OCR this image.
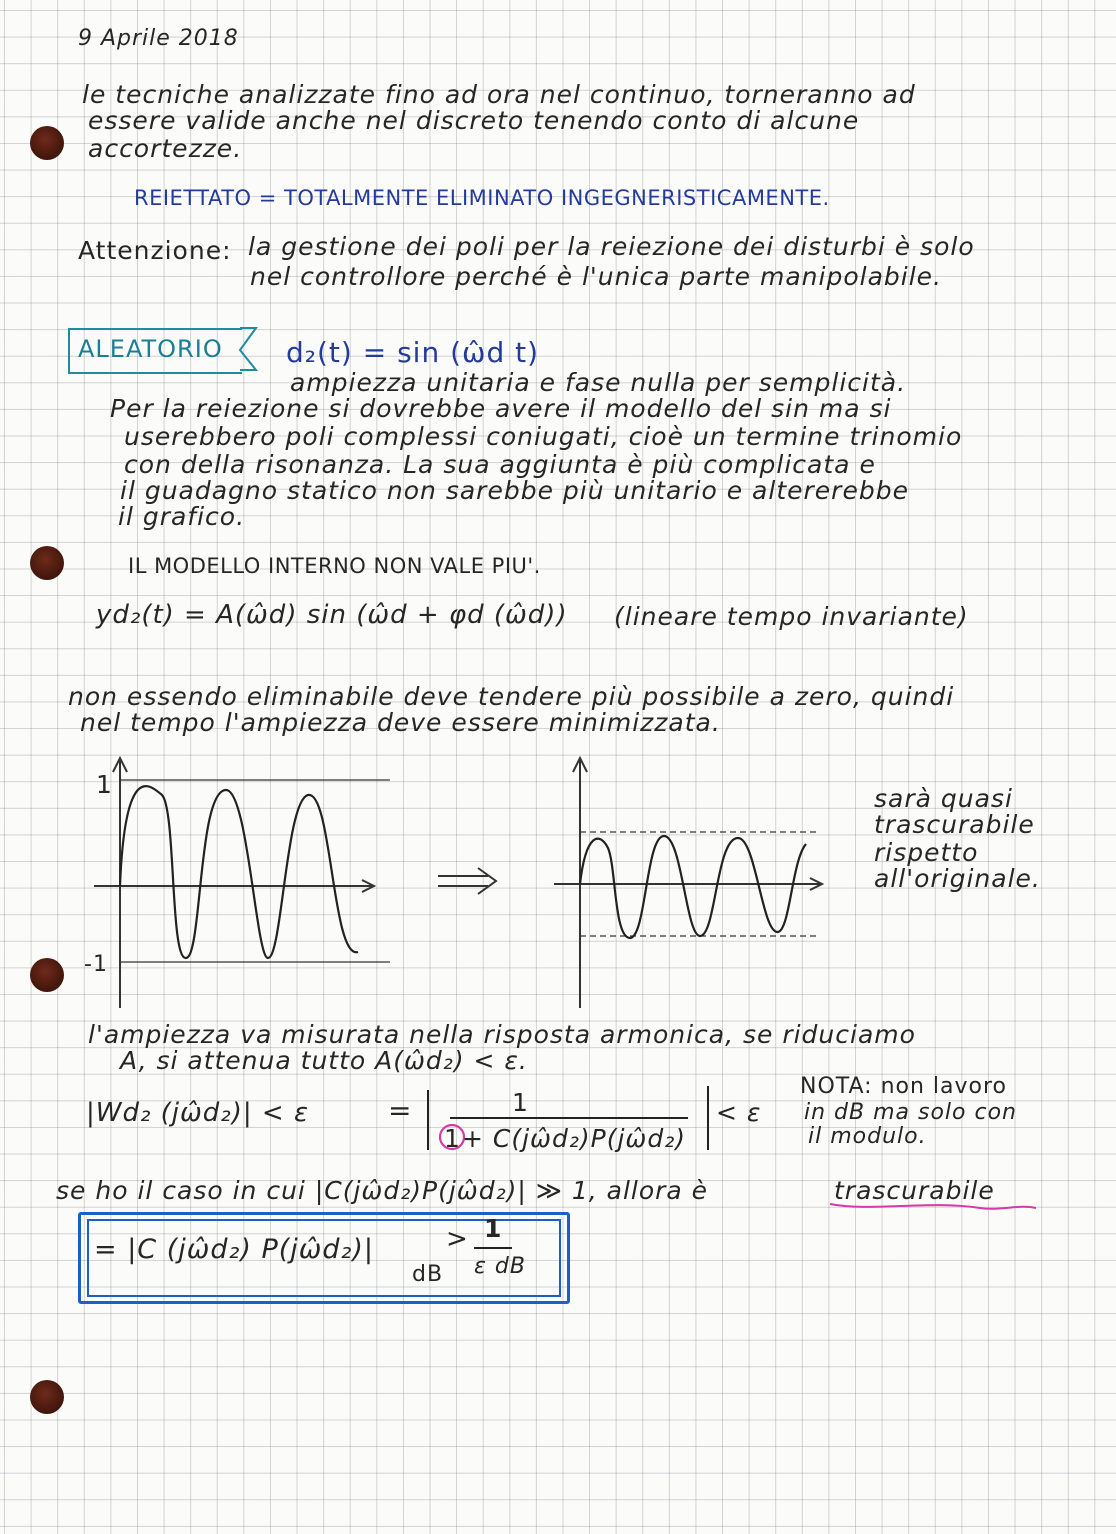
9 Aprile 2018
le tecniche analizzate fino ad ora nel continuo, torneranno ad
essere valide anche nel discreto tenendo conto di alcune
accortezze.
REIETTATO = TOTALMENTE ELIMINATO INGEGNERISTICAMENTE.
Attenzione: la gestione dei poli per la reiezione dei disturbi è solo
nel controllore perché è l'unica parte manipolabile.
ALEATORIO d₂(t) = sin (ω̂d t)
ampiezza unitaria e fase nulla per semplicità.
Per la reiezione si dovrebbe avere il modello del sin ma si
userebbero poli complessi coniugati, cioè un termine trinomio
con della risonanza. La sua aggiunta è più complicata e
il guadagno statico non sarebbe più unitario e altererebbe
il grafico.
IL MODELLO INTERNO NON VALE PIU'.
yd₂(t) = A(ω̂d) sin (ω̂d + φd (ω̂d)) (lineare tempo invariante)
non essendo eliminabile deve tendere più possibile a zero, quindi
nel tempo l'ampiezza deve essere minimizzata.
1
-1
sarà quasi
trascurabile
rispetto
all'originale.
l'ampiezza va misurata nella risposta armonica, se riduciamo
A, si attenua tutto A(ω̂d₂) < ε.
|Wd₂ (jω̂d₂)| < ε	=	1
1 + C(jω̂d₂)P(jω̂d₂)
< ε
NOTA: non lavoro
in dB ma solo con
il modulo.
se ho il caso in cui |C(jω̂d₂)P(jω̂d₂)| ≫ 1, allora è	trascurabile
= |C (jω̂d₂) P(jω̂d₂)|
dB
> 1
ε dB
